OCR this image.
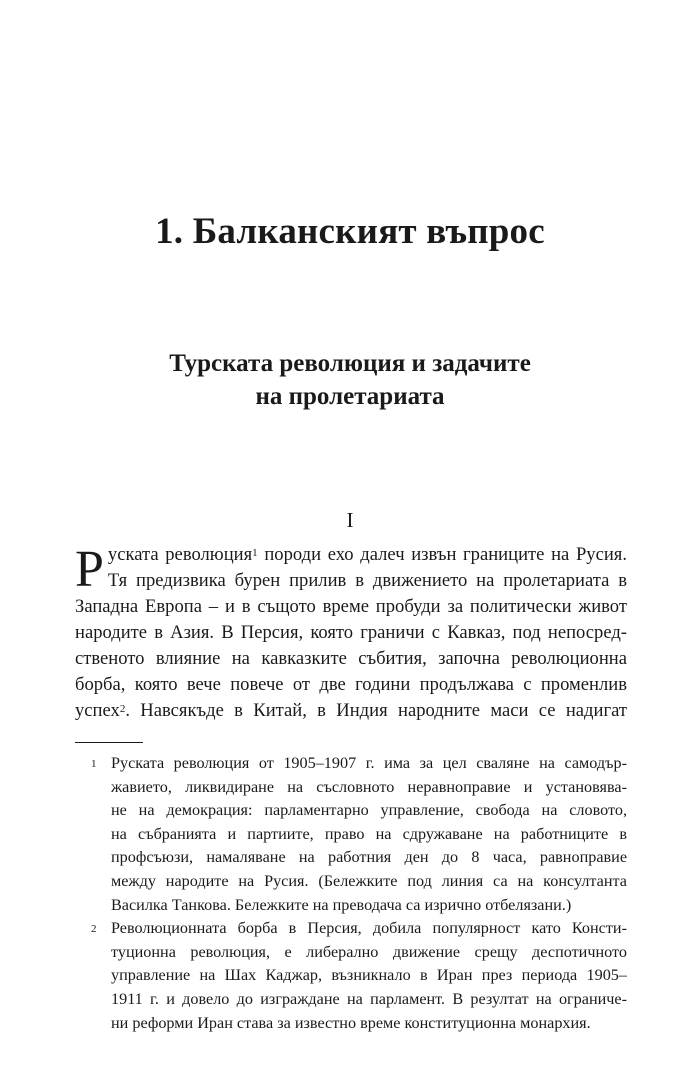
1. Балканският въпрос
Турската революция и задачите
на пролетариата
I
Р уската революция$^1$ породи ехо далеч извън границите на Русия.
Тя предизвика бурен прилив в движението на пролетариата в
Западна Европа – и в същото време пробуди за политически живот
народите в Азия. В Персия, която граничи с Кавказ, под непосред-
ственото влияние на кавказките събития, започна революционна
борба, която вече повече от две години продължава с променлив
успех$^2$. Навсякъде в Китай, в Индия народните маси се надигат
1 Руската революция от 1905–1907 г. има за цел сваляне на самодър-
жавието, ликвидиране на съсловното неравноправие и установява-
не на демокрация: парламентарно управление, свобода на словото,
на събранията и партиите, право на сдружаване на работниците в
профсъюзи, намаляване на работния ден до 8 часа, равноправие
между народите на Русия. (Бележките под линия са на консултанта
Василка Танкова. Бележките на преводача са изрично отбелязани.)
2 Революционната борба в Персия, добила популярност като Консти-
туционна революция, е либерално движение срещу деспотичното
управление на Шах Каджар, възникнало в Иран през периода 1905–
1911 г. и довело до изграждане на парламент. В резултат на ограниче-
ни реформи Иран става за известно време конституционна монархия.
